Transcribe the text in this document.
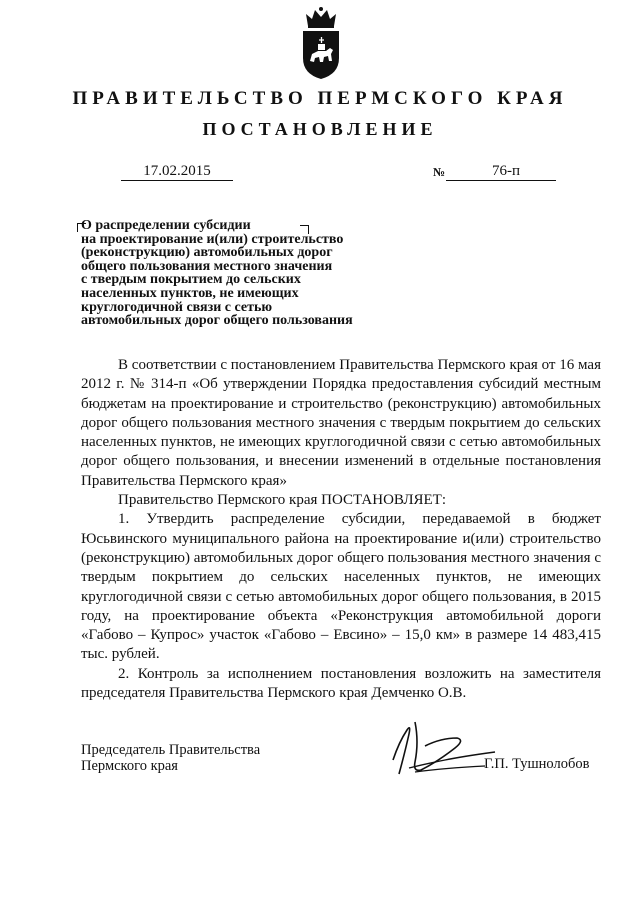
ПРАВИТЕЛЬСТВО ПЕРМСКОГО КРАЯ
ПОСТАНОВЛЕНИЕ
17.02.2015	№	76-п
О распределении субсидии
на проектирование и(или) строительство
(реконструкцию) автомобильных дорог
общего пользования местного значения
с твердым покрытием до сельских
населенных пунктов, не имеющих
круглогодичной связи с сетью
автомобильных дорог общего пользования

В соответствии с постановлением Правительства Пермского края от 16 мая 2012 г. № 314-п «Об утверждении Порядка предоставления субсидий местным бюджетам на проектирование и строительство (реконструкцию) автомобильных дорог общего пользования местного значения с твердым покрытием до сельских населенных пунктов, не имеющих круглогодичной связи с сетью автомобильных дорог общего пользования, и внесении изменений в отдельные постановления Правительства Пермского края»

Правительство Пермского края ПОСТАНОВЛЯЕТ:

1. Утвердить распределение субсидии, передаваемой в бюджет Юсьвинского муниципального района на проектирование и(или) строительство (реконструкцию) автомобильных дорог общего пользования местного значения с твердым покрытием до сельских населенных пунктов, не имеющих круглогодичной связи с сетью автомобильных дорог общего пользования, в 2015 году, на проектирование объекта «Реконструкция автомобильной дороги «Габово – Купрос» участок «Габово – Евсино» – 15,0 км» в размере 14 483,415 тыс. рублей.

2. Контроль за исполнением постановления возложить на заместителя председателя Правительства Пермского края Демченко О.В.

Председатель Правительства
Пермского края	Г.П. Тушнолобов
